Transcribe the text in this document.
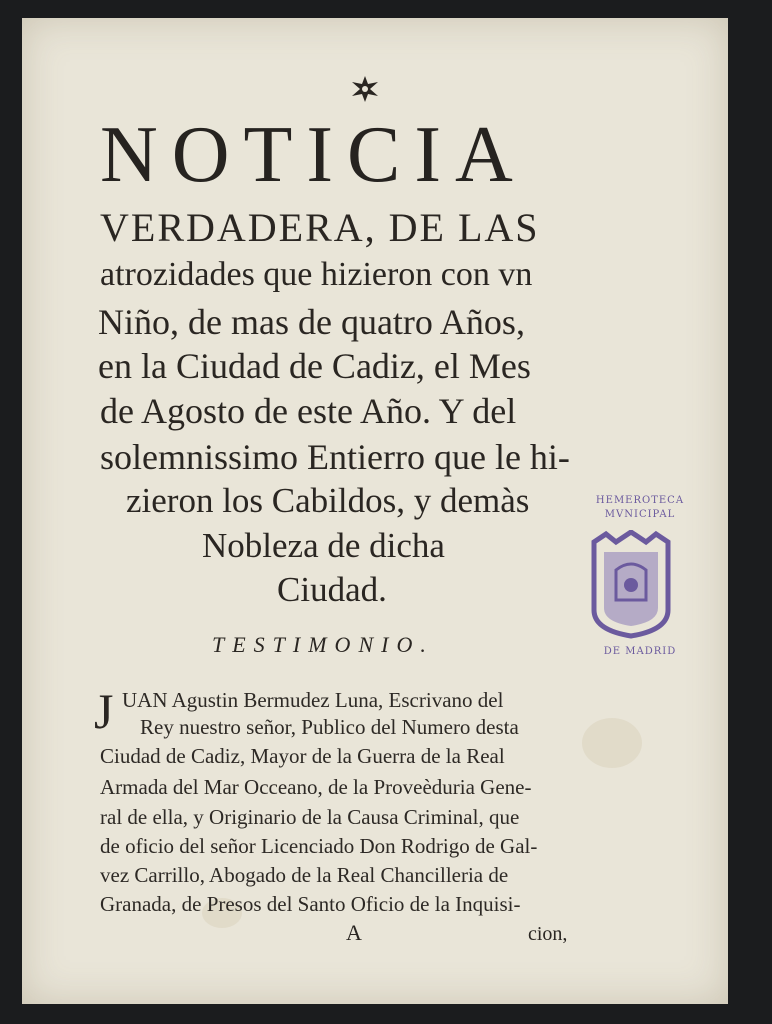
NOTICIA

VERDADERA, DE LAS

atrozidades que hizieron con vn

Niño, de mas de quatro Años,

en la Ciudad de Cadiz, el Mes

de Agosto de este Año. Y del

solemnissimo Entierro que le hi-

zieron los Cabildos, y demàs

Nobleza de dicha

Ciudad.

TESTIMONIO.
J UAN Agustin Bermudez Luna, Escrivano del
Rey nuestro señor, Publico del Numero desta
Ciudad de Cadiz, Mayor de la Guerra de la Real
Armada del Mar Occeano, de la Proveèduria Gene-
ral de ella, y Originario de la Causa Criminal, que
de oficio del señor Licenciado Don Rodrigo de Gal-
vez Carrillo, Abogado de la Real Chancilleria de
Granada, de Presos del Santo Oficio de la Inquisi-
A	cion,
HEMEROTECA
MVNICIPAL
DE MADRID
